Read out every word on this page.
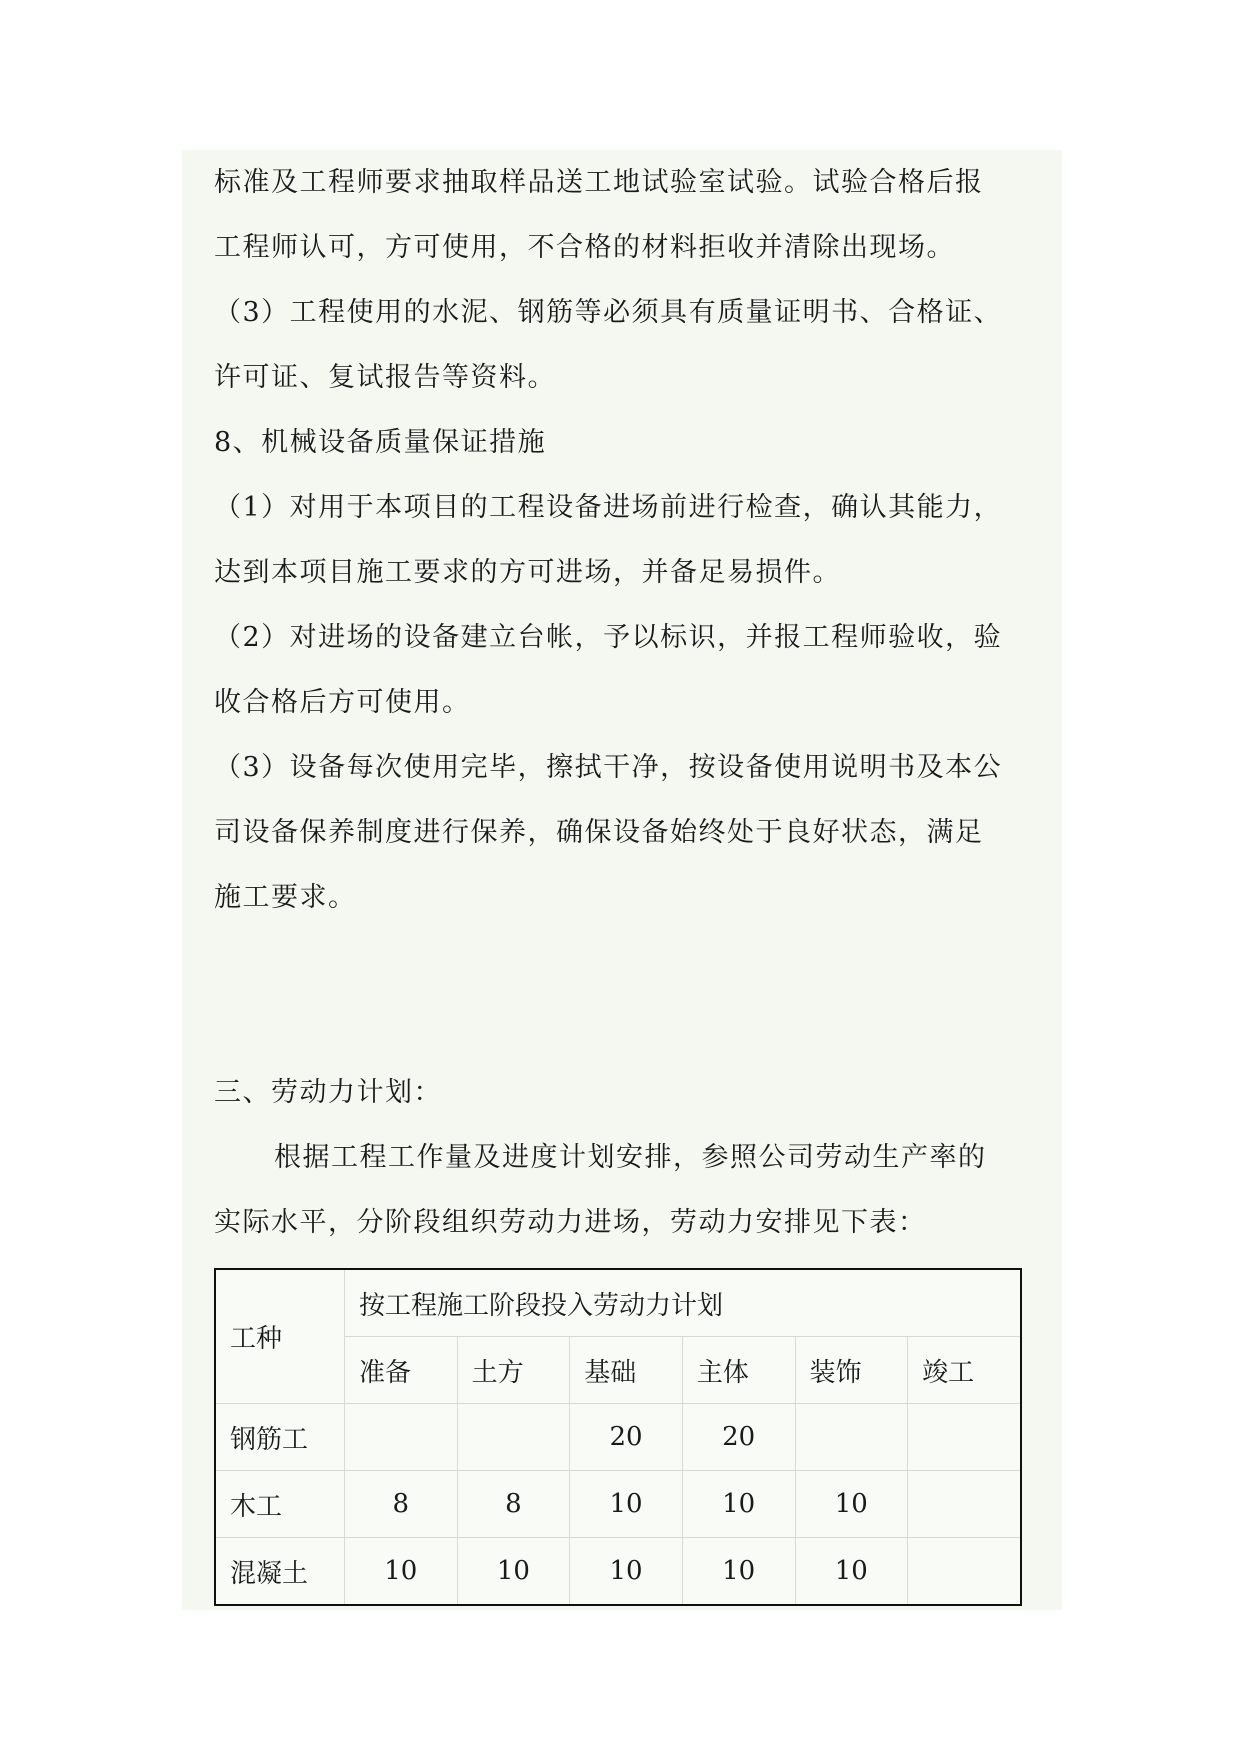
标准及工程师要求抽取样品送工地试验室试验。试验合格后报
工程师认可，方可使用，不合格的材料拒收并清除出现场。
（3）工程使用的水泥、钢筋等必须具有质量证明书、合格证、
许可证、复试报告等资料。
8、机械设备质量保证措施
（1）对用于本项目的工程设备进场前进行检查，确认其能力，
达到本项目施工要求的方可进场，并备足易损件。
（2）对进场的设备建立台帐，予以标识，并报工程师验收，验
收合格后方可使用。
（3）设备每次使用完毕，擦拭干净，按设备使用说明书及本公
司设备保养制度进行保养，确保设备始终处于良好状态，满足
施工要求。
三、劳动力计划：
根据工程工作量及进度计划安排，参照公司劳动生产率的
实际水平，分阶段组织劳动力进场，劳动力安排见下表：
工种	按工程施工阶段投入劳动力计划					
	准备	土方	基础	主体	装饰	竣工
钢筋工			20	20		
木工	8	8	10	10	10	
混凝土	10	10	10	10	10	
